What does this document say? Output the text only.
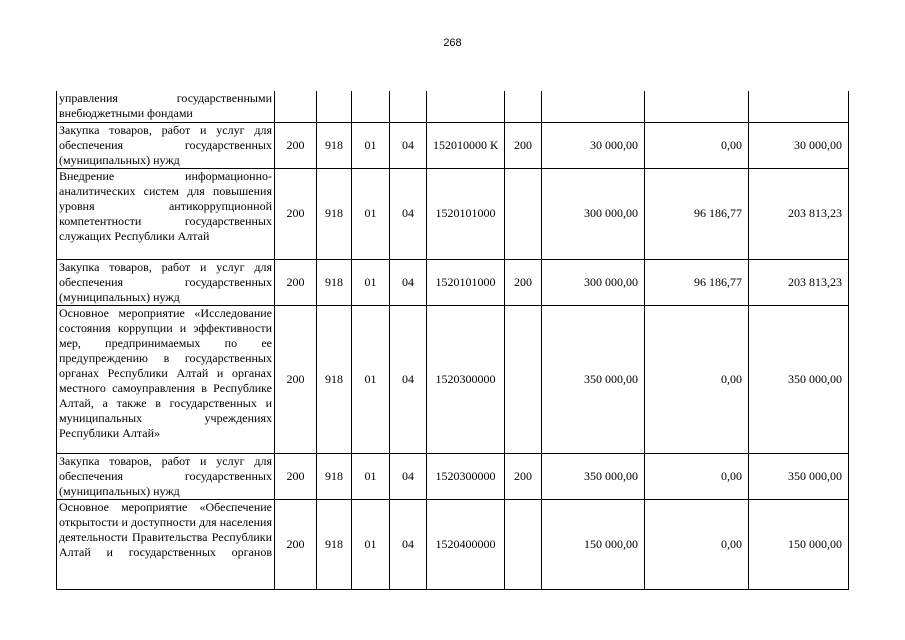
268
управления государственными внебюджетными фондами									
Закупка товаров, работ и услуг для обеспечения государственных (муниципальных) нужд	200	918	01	04	152010000 К	200	30 000,00	0,00	30 000,00
Внедрение информационно-аналитических систем для повышения уровня антикоррупционной компетентности государственных служащих Республики Алтай	200	918	01	04	1520101000		300 000,00	96 186,77	203 813,23
Закупка товаров, работ и услуг для обеспечения государственных (муниципальных) нужд	200	918	01	04	1520101000	200	300 000,00	96 186,77	203 813,23
Основное мероприятие «Исследование состояния коррупции и эффективности мер, предпринимаемых по ее предупреждению в государственных органах Республики Алтай и органах местного самоуправления в Республике Алтай, а также в государственных и муниципальных учреждениях Республики Алтай»	200	918	01	04	1520300000		350 000,00	0,00	350 000,00
Закупка товаров, работ и услуг для обеспечения государственных (муниципальных) нужд	200	918	01	04	1520300000	200	350 000,00	0,00	350 000,00
Основное мероприятие «Обеспечение открытости и доступности для населения деятельности Правительства Республики Алтай и государственных органов	200	918	01	04	1520400000		150 000,00	0,00	150 000,00
